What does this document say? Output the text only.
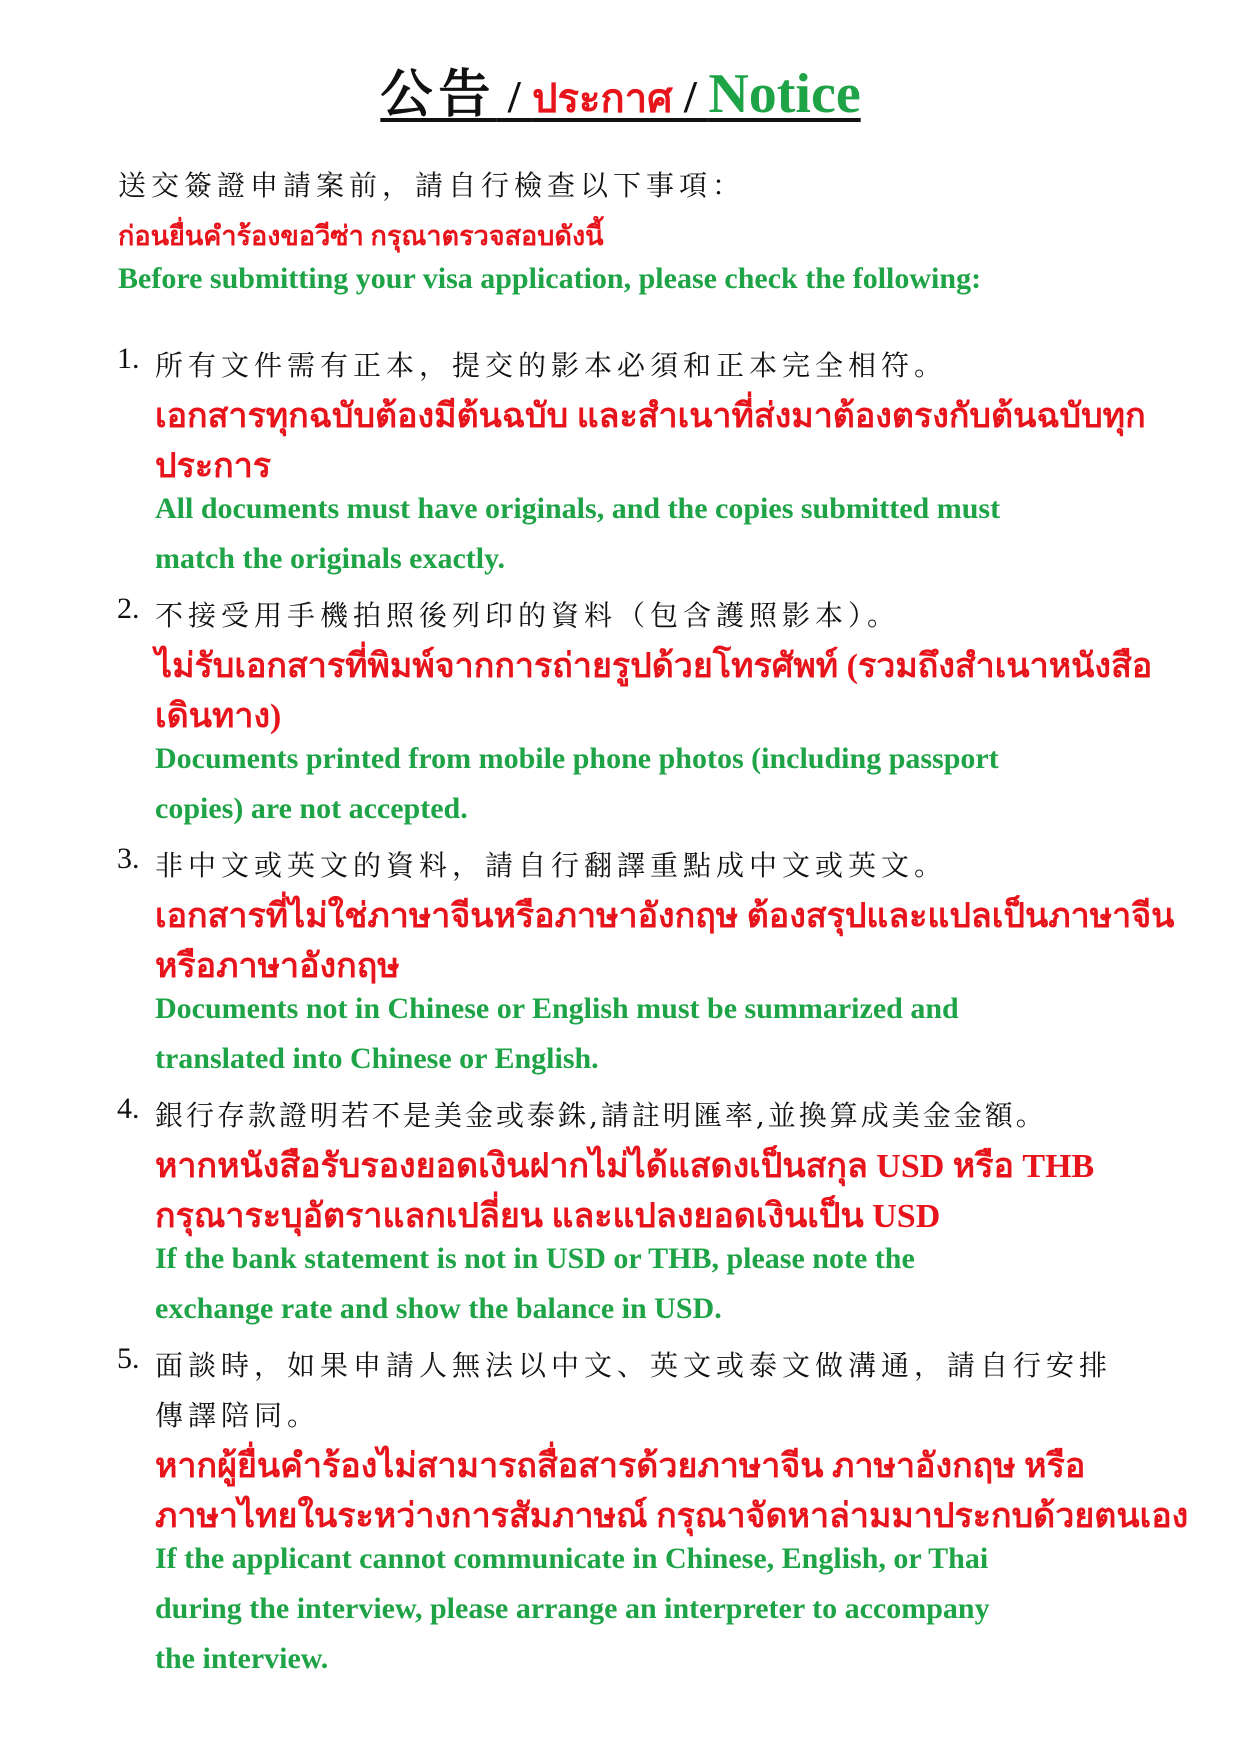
公告 / ประกาศ / Notice
送交簽證申請案前，請自行檢查以下事項：
ก่อนยื่นคำร้องขอวีซ่า กรุณาตรวจสอบดังนี้
Before submitting your visa application, please check the following:
1. 所有文件需有正本，提交的影本必須和正本完全相符。
เอกสารทุกฉบับต้องมีต้นฉบับ และสำเนาที่ส่งมาต้องตรงกับต้นฉบับทุก
ประการ
All documents must have originals, and the copies submitted must
match the originals exactly.
2. 不接受用手機拍照後列印的資料（包含護照影本）。
ไม่รับเอกสารที่พิมพ์จากการถ่ายรูปด้วยโทรศัพท์ (รวมถึงสำเนาหนังสือ
เดินทาง)
Documents printed from mobile phone photos (including passport
copies) are not accepted.
3. 非中文或英文的資料，請自行翻譯重點成中文或英文。
เอกสารที่ไม่ใช่ภาษาจีนหรือภาษาอังกฤษ ต้องสรุปและแปลเป็นภาษาจีน
หรือภาษาอังกฤษ
Documents not in Chinese or English must be summarized and
translated into Chinese or English.
4. 銀行存款證明若不是美金或泰銖,請註明匯率,並換算成美金金額。
หากหนังสือรับรองยอดเงินฝากไม่ได้แสดงเป็นสกุล USD หรือ THB
กรุณาระบุอัตราแลกเปลี่ยน และแปลงยอดเงินเป็น USD
If the bank statement is not in USD or THB, please note the
exchange rate and show the balance in USD.
5. 面談時，如果申請人無法以中文、英文或泰文做溝通，請自行安排
傳譯陪同。
หากผู้ยื่นคำร้องไม่สามารถสื่อสารด้วยภาษาจีน ภาษาอังกฤษ หรือ
ภาษาไทยในระหว่างการสัมภาษณ์ กรุณาจัดหาล่ามมาประกบด้วยตนเอง
If the applicant cannot communicate in Chinese, English, or Thai
during the interview, please arrange an interpreter to accompany
the interview.
